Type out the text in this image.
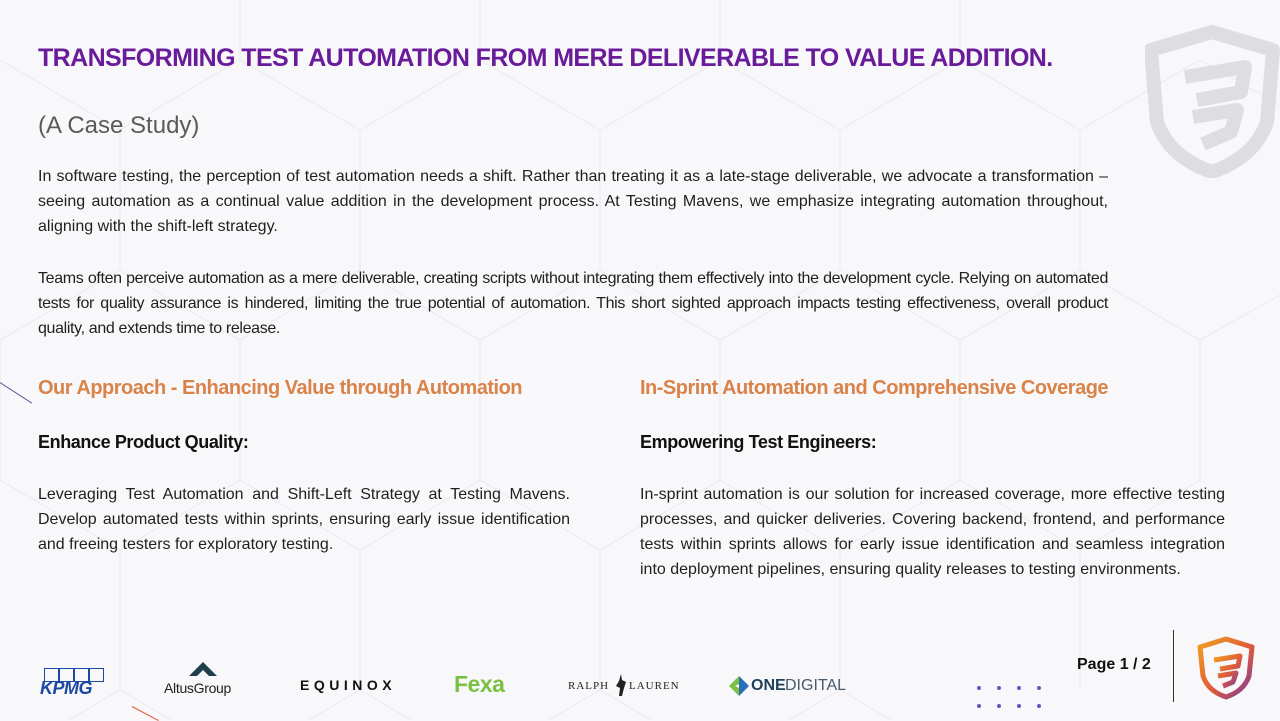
TRANSFORMING TEST AUTOMATION FROM MERE DELIVERABLE TO VALUE ADDITION.
(A Case Study)
In software testing, the perception of test automation needs a shift. Rather than treating it as a late-stage deliverable, we advocate a transformation – seeing automation as a continual value addition in the development process. At Testing Mavens, we emphasize integrating automation throughout, aligning with the shift-left strategy.
Teams often perceive automation as a mere deliverable, creating scripts without integrating them effectively into the development cycle. Relying on automated tests for quality assurance is hindered, limiting the true potential of automation. This short sighted approach impacts testing effectiveness, overall product quality, and extends time to release.
Our Approach - Enhancing Value through Automation
Enhance Product Quality:
Leveraging Test Automation and Shift-Left Strategy at Testing Mavens. Develop automated tests within sprints, ensuring early issue identification and freeing testers for exploratory testing.
In-Sprint Automation and Comprehensive Coverage
Empowering Test Engineers:
In-sprint automation is our solution for increased coverage, more effective testing processes, and quicker deliveries. Covering backend, frontend, and performance tests within sprints allows for early issue identification and seamless integration into deployment pipelines, ensuring quality releases to testing environments.
KPMG	AltusGroup	EQUINOX	Fexa	RALPH LAUREN	ONE DIGITAL
Page 1 / 2
